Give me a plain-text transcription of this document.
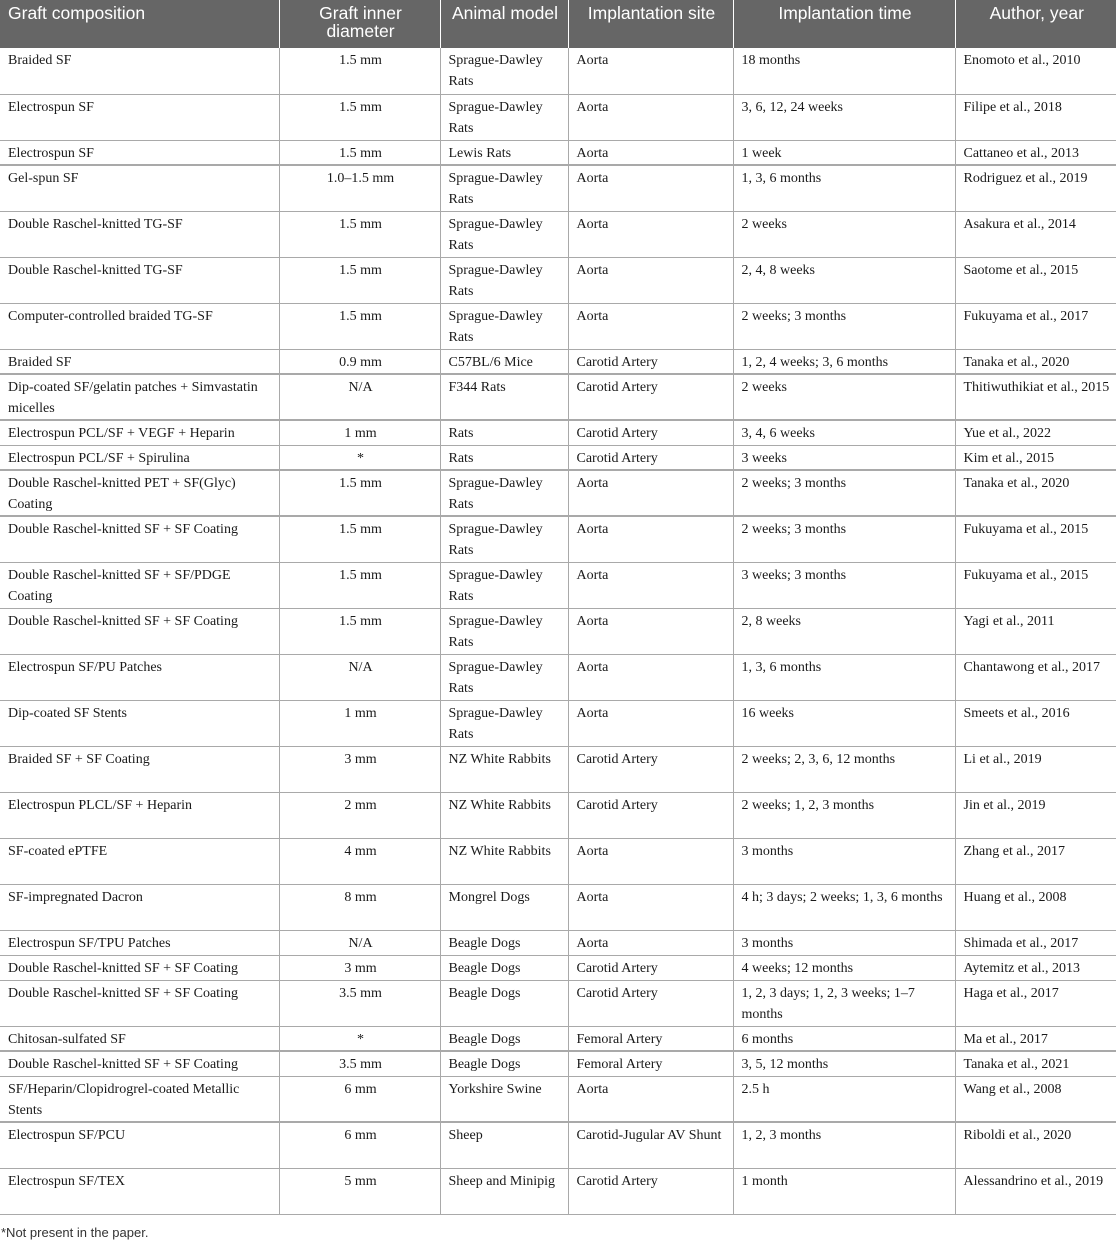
Graft composition	Graft inner diameter	Animal model	Implantation site	Implantation time	Author, year
Braided SF	1.5 mm	Sprague-Dawley Rats	Aorta	18 months	Enomoto et al., 2010
Electrospun SF	1.5 mm	Sprague-Dawley Rats	Aorta	3, 6, 12, 24 weeks	Filipe et al., 2018
Electrospun SF	1.5 mm	Lewis Rats	Aorta	1 week	Cattaneo et al., 2013
Gel-spun SF	1.0–1.5 mm	Sprague-Dawley Rats	Aorta	1, 3, 6 months	Rodriguez et al., 2019
Double Raschel-knitted TG-SF	1.5 mm	Sprague-Dawley Rats	Aorta	2 weeks	Asakura et al., 2014
Double Raschel-knitted TG-SF	1.5 mm	Sprague-Dawley Rats	Aorta	2, 4, 8 weeks	Saotome et al., 2015
Computer-controlled braided TG-SF	1.5 mm	Sprague-Dawley Rats	Aorta	2 weeks; 3 months	Fukuyama et al., 2017
Braided SF	0.9 mm	C57BL/6 Mice	Carotid Artery	1, 2, 4 weeks; 3, 6 months	Tanaka et al., 2020
Dip-coated SF/gelatin patches + Simvastatin micelles	N/A	F344 Rats	Carotid Artery	2 weeks	Thitiwuthikiat et al., 2015
Electrospun PCL/SF + VEGF + Heparin	1 mm	Rats	Carotid Artery	3, 4, 6 weeks	Yue et al., 2022
Electrospun PCL/SF + Spirulina	*	Rats	Carotid Artery	3 weeks	Kim et al., 2015
Double Raschel-knitted PET + SF(Glyc) Coating	1.5 mm	Sprague-Dawley Rats	Aorta	2 weeks; 3 months	Tanaka et al., 2020
Double Raschel-knitted SF + SF Coating	1.5 mm	Sprague-Dawley Rats	Aorta	2 weeks; 3 months	Fukuyama et al., 2015
Double Raschel-knitted SF + SF/PDGE Coating	1.5 mm	Sprague-Dawley Rats	Aorta	3 weeks; 3 months	Fukuyama et al., 2015
Double Raschel-knitted SF + SF Coating	1.5 mm	Sprague-Dawley Rats	Aorta	2, 8 weeks	Yagi et al., 2011
Electrospun SF/PU Patches	N/A	Sprague-Dawley Rats	Aorta	1, 3, 6 months	Chantawong et al., 2017
Dip-coated SF Stents	1 mm	Sprague-Dawley Rats	Aorta	16 weeks	Smeets et al., 2016
Braided SF + SF Coating	3 mm	NZ White Rabbits	Carotid Artery	2 weeks; 2, 3, 6, 12 months	Li et al., 2019
Electrospun PLCL/SF + Heparin	2 mm	NZ White Rabbits	Carotid Artery	2 weeks; 1, 2, 3 months	Jin et al., 2019
SF-coated ePTFE	4 mm	NZ White Rabbits	Aorta	3 months	Zhang et al., 2017
SF-impregnated Dacron	8 mm	Mongrel Dogs	Aorta	4 h; 3 days; 2 weeks; 1, 3, 6 months	Huang et al., 2008
Electrospun SF/TPU Patches	N/A	Beagle Dogs	Aorta	3 months	Shimada et al., 2017
Double Raschel-knitted SF + SF Coating	3 mm	Beagle Dogs	Carotid Artery	4 weeks; 12 months	Aytemitz et al., 2013
Double Raschel-knitted SF + SF Coating	3.5 mm	Beagle Dogs	Carotid Artery	1, 2, 3 days; 1, 2, 3 weeks; 1–7 months	Haga et al., 2017
Chitosan-sulfated SF	*	Beagle Dogs	Femoral Artery	6 months	Ma et al., 2017
Double Raschel-knitted SF + SF Coating	3.5 mm	Beagle Dogs	Femoral Artery	3, 5, 12 months	Tanaka et al., 2021
SF/Heparin/Clopidrogrel-coated Metallic Stents	6 mm	Yorkshire Swine	Aorta	2.5 h	Wang et al., 2008
Electrospun SF/PCU	6 mm	Sheep	Carotid-Jugular AV Shunt	1, 2, 3 months	Riboldi et al., 2020
Electrospun SF/TEX	5 mm	Sheep and Minipig	Carotid Artery	1 month	Alessandrino et al., 2019
*Not present in the paper.
